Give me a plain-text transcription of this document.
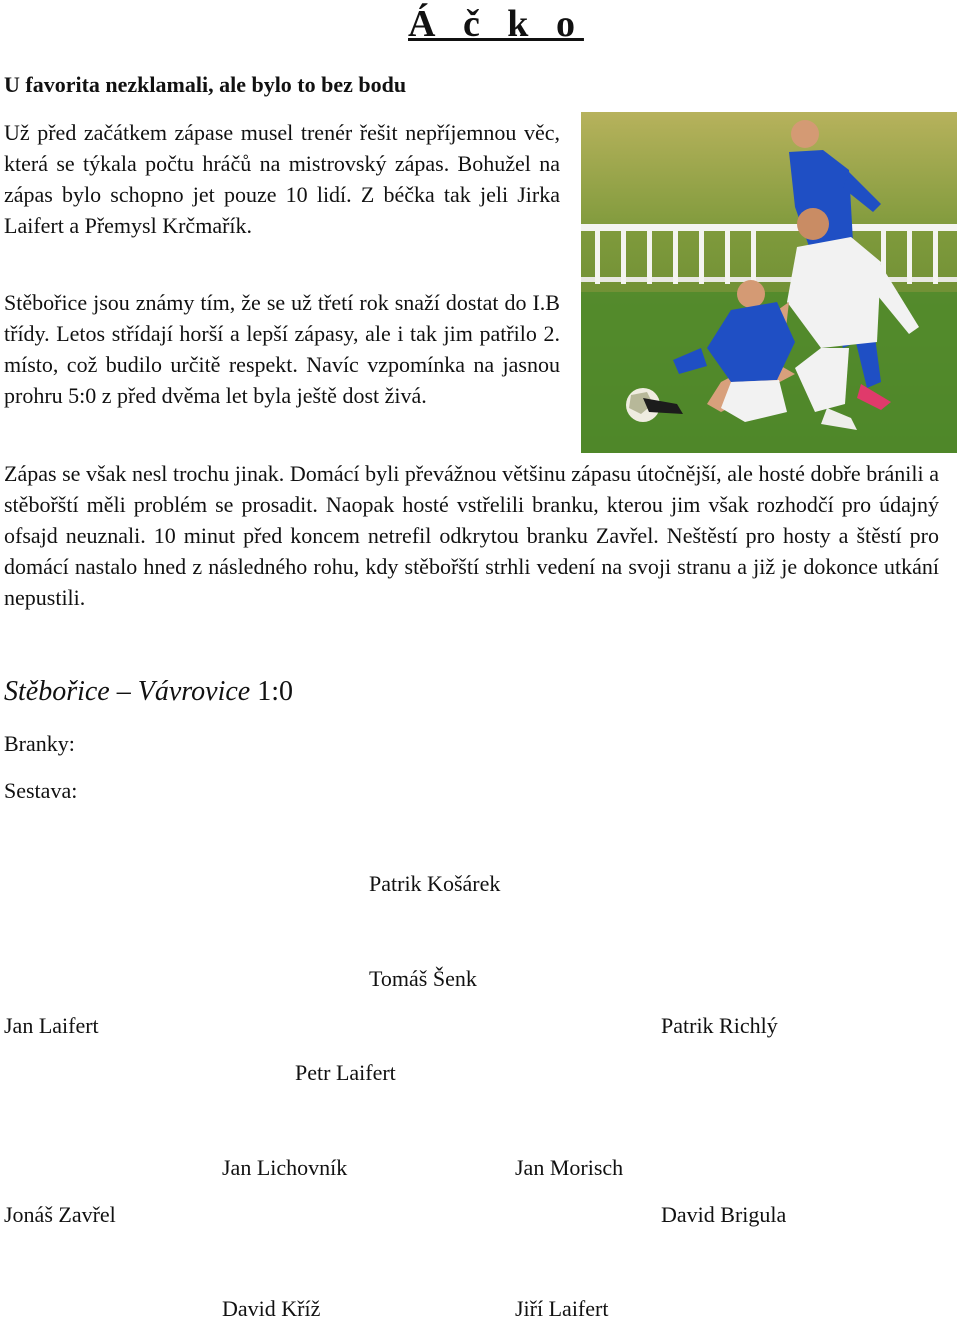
Á č k o
U favorita nezklamali, ale bylo to bez bodu

Už před začátkem zápase musel trenér řešit nepříjemnou věc, která se týkala počtu hráčů na mistrovský zápas. Bohužel na zápas bylo schopno jet pouze 10 lidí. Z béčka tak jeli Jirka Laifert a Přemysl Krčmařík.

Stěbořice jsou známy tím, že se už třetí rok snaží dostat do I.B třídy. Letos střídají horší a lepší zápasy, ale i tak jim patřilo 2. místo, což budilo určitě respekt. Navíc vzpomínka na jasnou prohru 5:0 z před dvěma let byla ještě dost živá.

Zápas se však nesl trochu jinak. Domácí byli převážnou většinu zápasu útočnější, ale hosté dobře bránili a stěbořští měli problém se prosadit. Naopak hosté vstřelili branku, kterou jim však rozhodčí pro údajný ofsajd neuznali. 10 minut před koncem netrefil odkrytou branku Zavřel. Neštěstí pro hosty a štěstí pro domácí nastalo hned z následného rohu, kdy stěbořští strhli vedení na svoji stranu a již je dokonce utkání nepustili.

Stěbořice – Vávrovice 1:0
Branky:
Sestava:
Patrik Košárek
Tomáš Šenk
Jan Laifert	Patrik Richlý
Petr Laifert
Jan Lichovník	Jan Morisch
Jonáš Zavřel	David Brigula
David Kříž	Jiří Laifert
